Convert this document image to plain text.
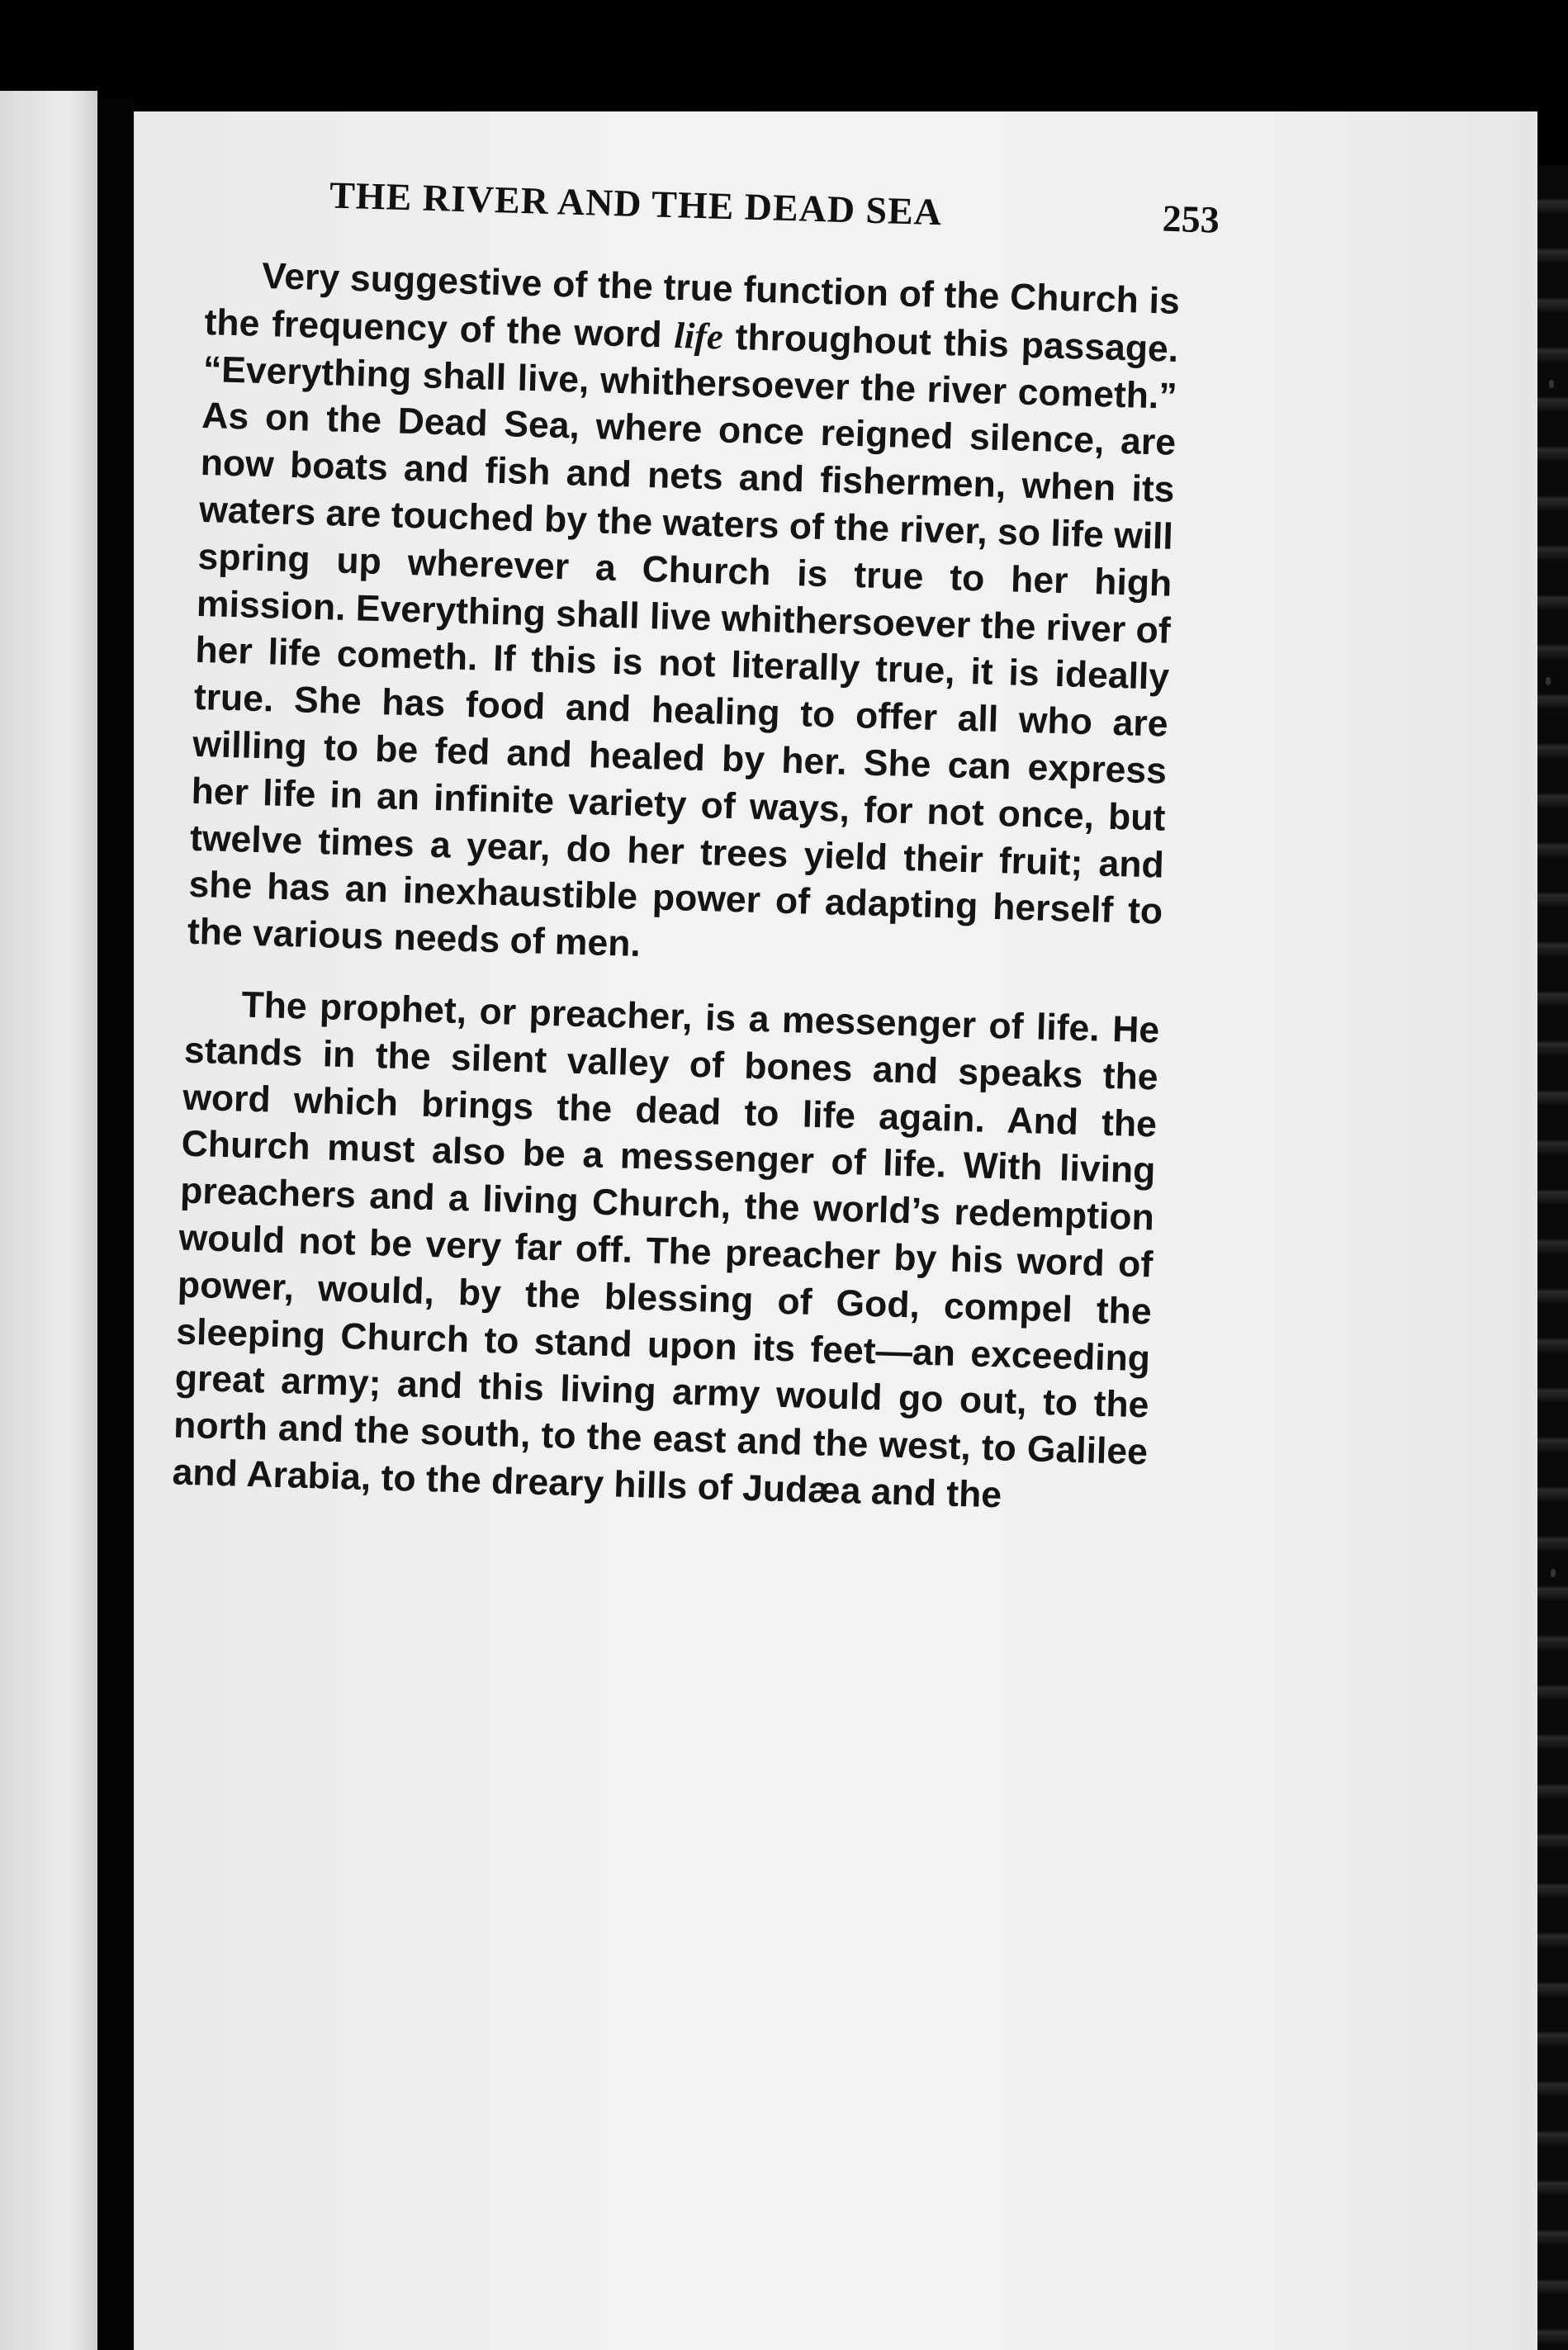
THE RIVER AND THE DEAD SEA	253

Very suggestive of the true function of the Church is the frequency of the word life throughout this passage. “Everything shall live, whithersoever the river cometh.” As on the Dead Sea, where once reigned silence, are now boats and fish and nets and fishermen, when its waters are touched by the waters of the river, so life will spring up wherever a Church is true to her high mission. Everything shall live whithersoever the river of her life cometh. If this is not literally true, it is ideally true. She has food and healing to offer all who are willing to be fed and healed by her. She can express her life in an infinite variety of ways, for not once, but twelve times a year, do her trees yield their fruit; and she has an inexhaustible power of adapting herself to the various needs of men.

The prophet, or preacher, is a messenger of life. He stands in the silent valley of bones and speaks the word which brings the dead to life again. And the Church must also be a messenger of life. With living preachers and a living Church, the world’s redemption would not be very far off. The preacher by his word of power, would, by the blessing of God, compel the sleeping Church to stand upon its feet—an exceeding great army; and this living army would go out, to the north and the south, to the east and the west, to Galilee and Arabia, to the dreary hills of Judæa and the
